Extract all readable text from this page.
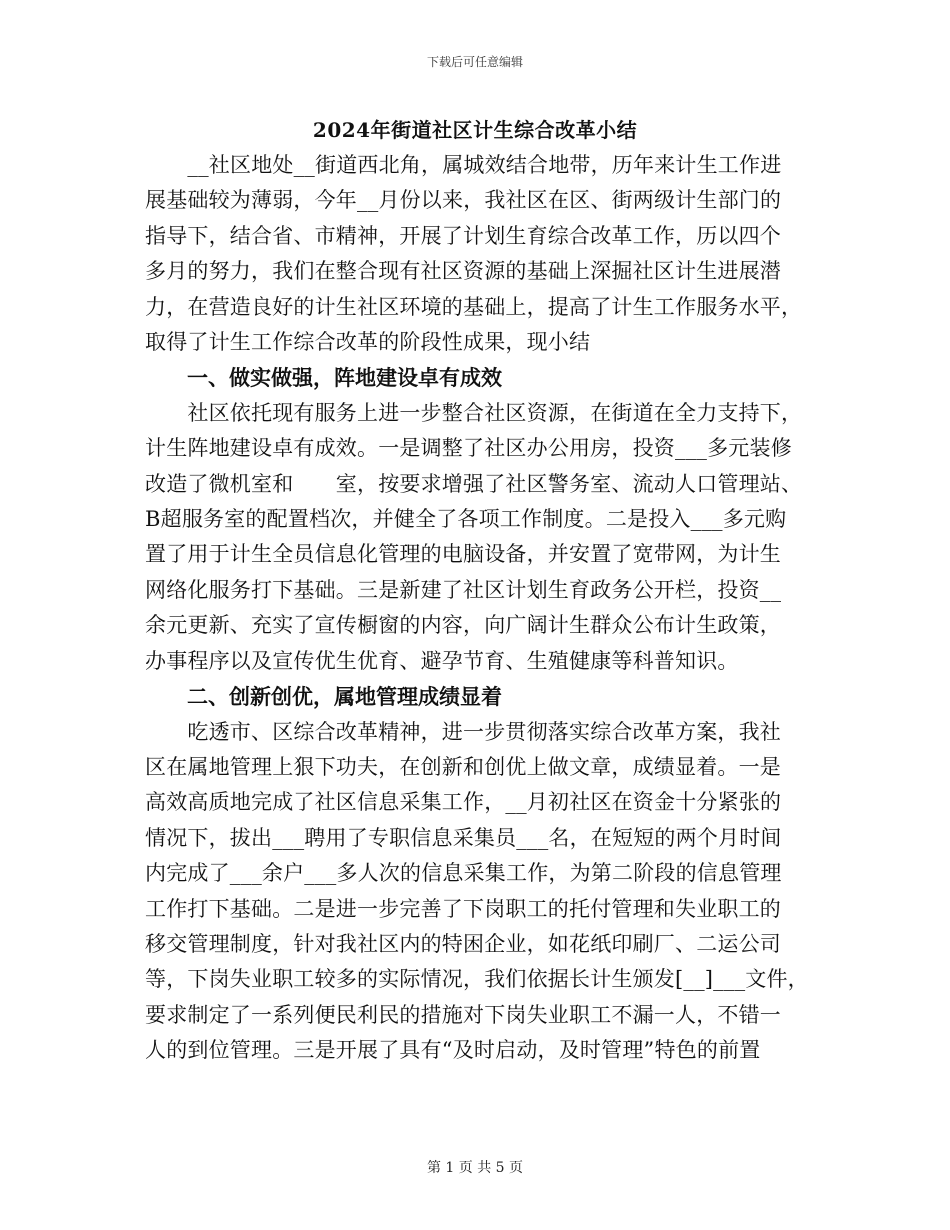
下载后可任意编辑
2024年街道社区计生综合改革小结

　　__社区地处__街道西北角，属城效结合地带，历年来计生工作进
展基础较为薄弱，今年__月份以来，我社区在区、街两级计生部门的
指导下，结合省、市精神，开展了计划生育综合改革工作，历以四个
多月的努力，我们在整合现有社区资源的基础上深掘社区计生进展潜
力，在营造良好的计生社区环境的基础上，提高了计生工作服务水平，
取得了计生工作综合改革的阶段性成果，现小结

一、做实做强，阵地建设卓有成效

　　社区依托现有服务上进一步整合社区资源，在街道在全力支持下，
计生阵地建设卓有成效。一是调整了社区办公用房，投资___多元装修
改造了微机室和　　室，按要求增强了社区警务室、流动人口管理站、
B超服务室的配置档次，并健全了各项工作制度。二是投入___多元购
置了用于计生全员信息化管理的电脑设备，并安置了宽带网，为计生
网络化服务打下基础。三是新建了社区计划生育政务公开栏，投资__
余元更新、充实了宣传橱窗的内容，向广阔计生群众公布计生政策，
办事程序以及宣传优生优育、避孕节育、生殖健康等科普知识。

二、创新创优，属地管理成绩显着

　　吃透市、区综合改革精神，进一步贯彻落实综合改革方案，我社
区在属地管理上狠下功夫，在创新和创优上做文章，成绩显着。一是
高效高质地完成了社区信息采集工作，__月初社区在资金十分紧张的
情况下，拔出___聘用了专职信息采集员___名，在短短的两个月时间
内完成了___余户___多人次的信息采集工作，为第二阶段的信息管理
工作打下基础。二是进一步完善了下岗职工的托付管理和失业职工的
移交管理制度，针对我社区内的特困企业，如花纸印刷厂、二运公司
等，下岗失业职工较多的实际情况，我们依据长计生颁发[__]___文件，
要求制定了一系列便民利民的措施对下岗失业职工不漏一人，不错一
人的到位管理。三是开展了具有“及时启动，及时管理”特色的前置

第 1 页 共 5 页
